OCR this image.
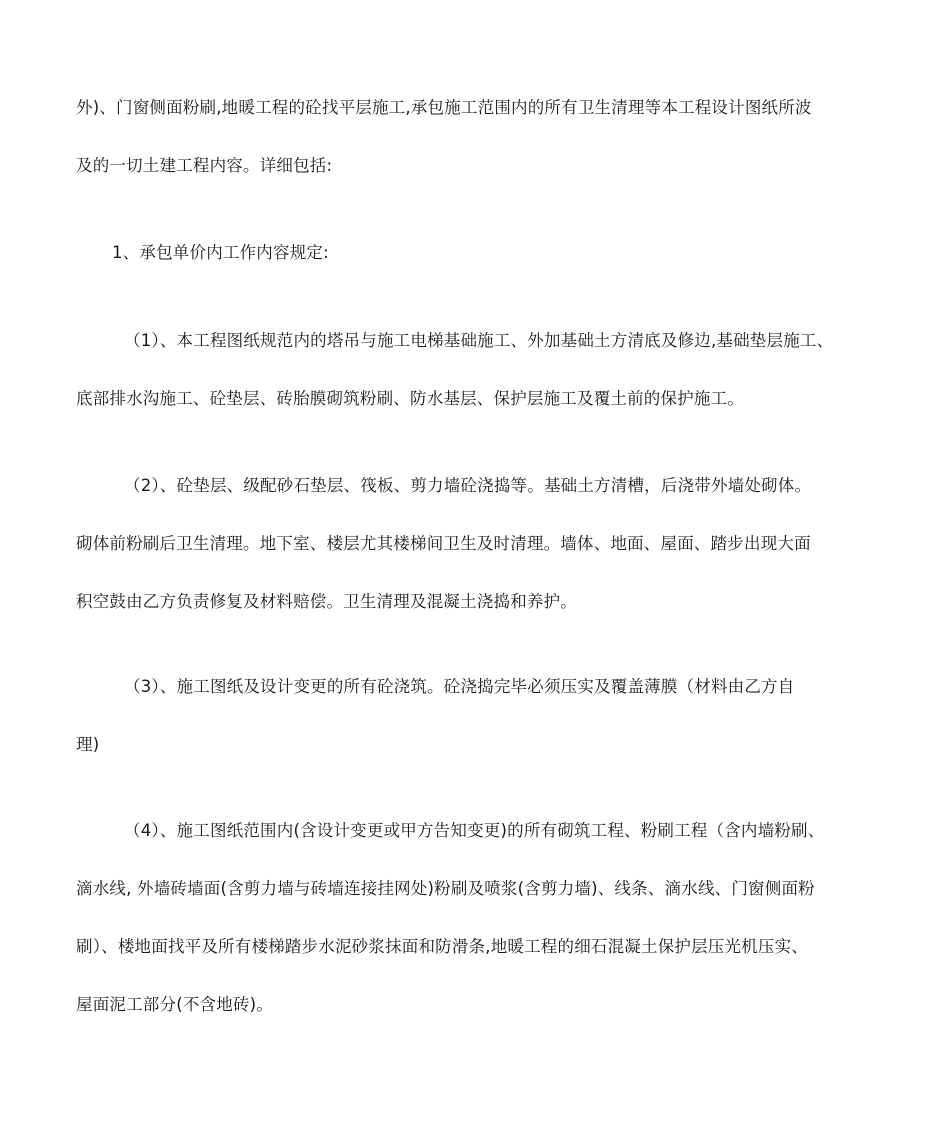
外)、门窗侧面粉刷,地暖工程的砼找平层施工,承包施工范围内的所有卫生清理等本工程设计图纸所波
及的一切土建工程内容。详细包括:

1、承包单价内工作内容规定:

（1）、本工程图纸规范内的塔吊与施工电梯基础施工、外加基础土方清底及修边,基础垫层施工、
底部排水沟施工、砼垫层、砖胎膜砌筑粉刷、防水基层、保护层施工及覆土前的保护施工。

（2）、砼垫层、级配砂石垫层、筏板、剪力墙砼浇捣等。基础土方清槽，后浇带外墙处砌体。
砌体前粉刷后卫生清理。地下室、楼层尤其楼梯间卫生及时清理。墙体、地面、屋面、踏步出现大面
积空鼓由乙方负责修复及材料赔偿。卫生清理及混凝土浇捣和养护。

（3）、施工图纸及设计变更的所有砼浇筑。砼浇捣完毕必须压实及覆盖薄膜（材料由乙方自
理)

（4）、施工图纸范围内(含设计变更或甲方告知变更)的所有砌筑工程、粉刷工程（含内墙粉刷、
滴水线, 外墙砖墙面(含剪力墙与砖墙连接挂网处)粉刷及喷浆(含剪力墙)、线条、滴水线、门窗侧面粉
刷）、楼地面找平及所有楼梯踏步水泥砂浆抹面和防滑条,地暖工程的细石混凝土保护层压光机压实、
屋面泥工部分(不含地砖)。
